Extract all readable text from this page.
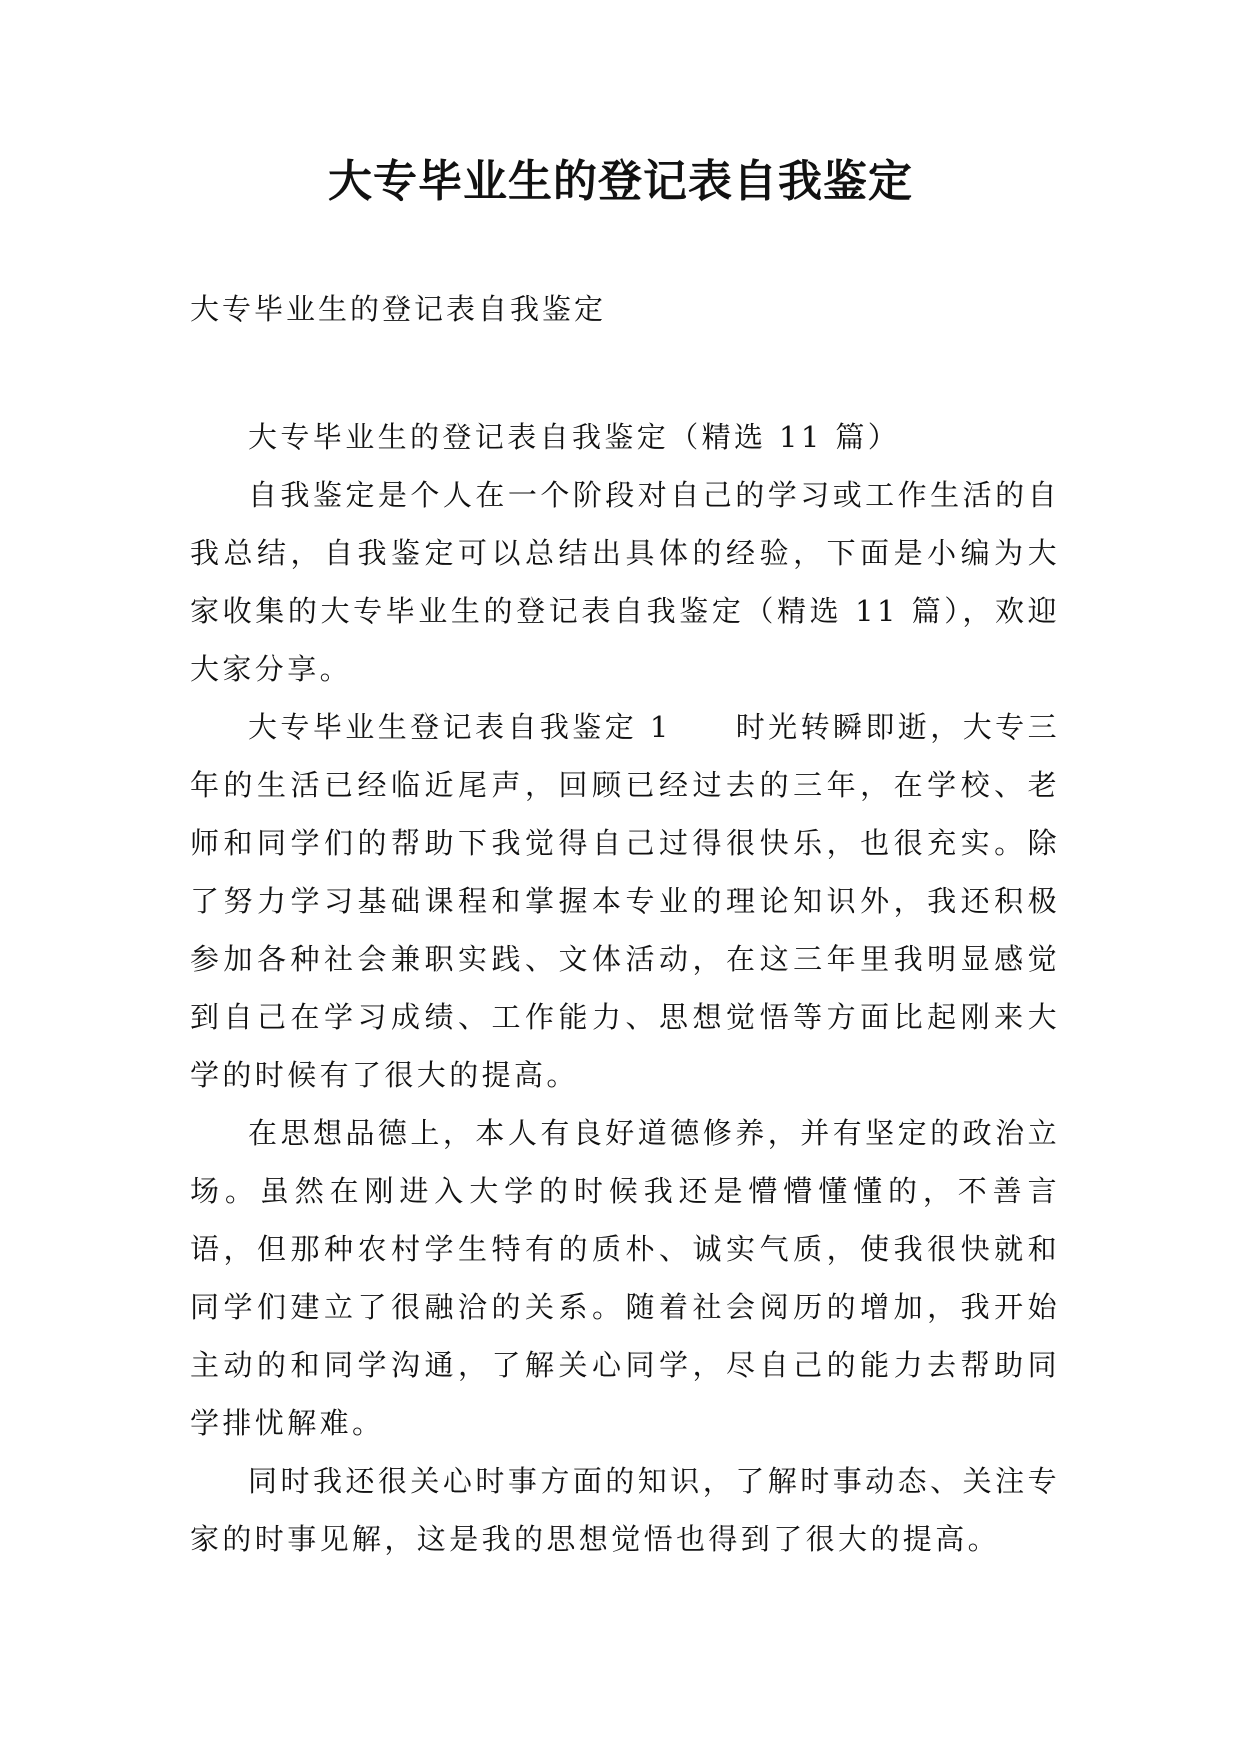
大专毕业生的登记表自我鉴定
大专毕业生的登记表自我鉴定

大专毕业生的登记表自我鉴定（精选 11 篇）

自我鉴定是个人在一个阶段对自己的学习或工作生活的自我总结，自我鉴定可以总结出具体的经验，下面是小编为大家收集的大专毕业生的登记表自我鉴定（精选 11 篇），欢迎大家分享。

大专毕业生登记表自我鉴定 1 时光转瞬即逝，大专三年的生活已经临近尾声，回顾已经过去的三年，在学校、老师和同学们的帮助下我觉得自己过得很快乐，也很充实。除了努力学习基础课程和掌握本专业的理论知识外，我还积极参加各种社会兼职实践、文体活动，在这三年里我明显感觉到自己在学习成绩、工作能力、思想觉悟等方面比起刚来大学的时候有了很大的提高。

在思想品德上，本人有良好道德修养，并有坚定的政治立场。虽然在刚进入大学的时候我还是懵懵懂懂的，不善言语，但那种农村学生特有的质朴、诚实气质，使我很快就和同学们建立了很融洽的关系。随着社会阅历的增加，我开始主动的和同学沟通，了解关心同学，尽自己的能力去帮助同学排忧解难。

同时我还很关心时事方面的知识，了解时事动态、关注专家的时事见解，这是我的思想觉悟也得到了很大的提高。
